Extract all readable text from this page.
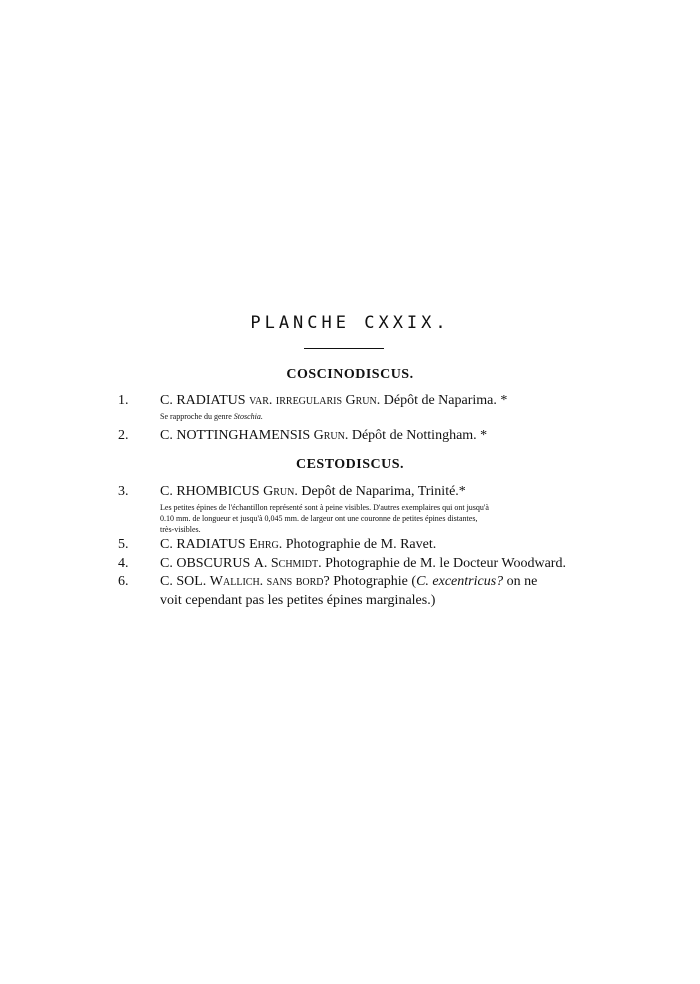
PLANCHE CXXIX.
COSCINODISCUS.
1. C. RADIATUS var. irregularis Grun. Dépôt de Naparima. *
Se rapproche du genre Stoschia.
2. C. NOTTINGHAMENSIS Grun. Dépôt de Nottingham. *
CESTODISCUS.
3. C. RHOMBICUS Grun. Depôt de Naparima, Trinité.*
Les petites épines de l'échantillon représenté sont à peine visibles. D'autres exemplaires qui ont jusqu'à
0.10 mm. de longueur et jusqu'à 0,045 mm. de largeur ont une couronne de petites épines distantes,
très-visibles.
5. C. RADIATUS Ehrg. Photographie de M. Ravet.
4. C. OBSCURUS A. Schmidt. Photographie de M. le Docteur Woodward.
6. C. SOL. Wallich. sans bord? Photographie (C. excentricus? on ne
voit cependant pas les petites épines marginales.)
